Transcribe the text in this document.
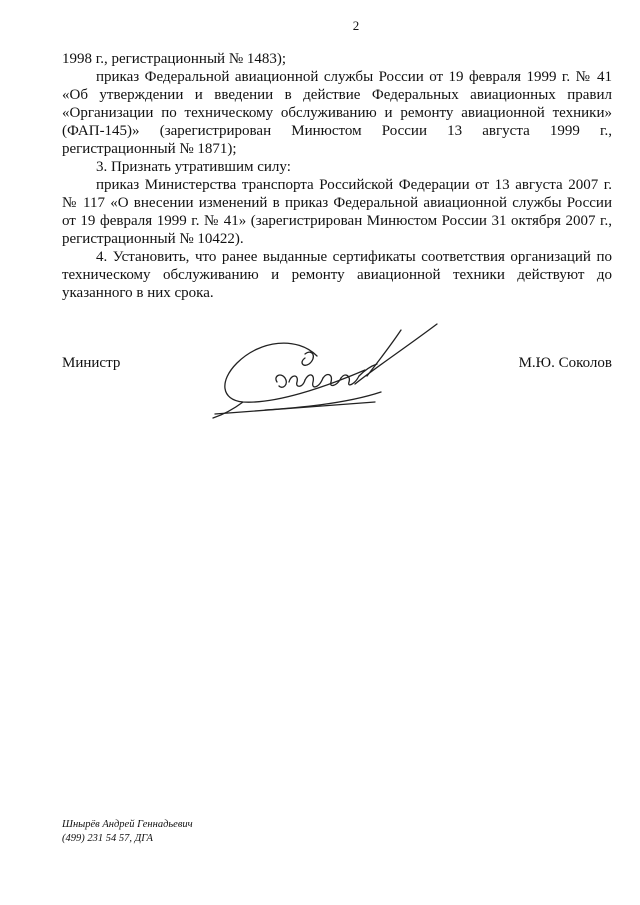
2

1998 г., регистрационный № 1483);

приказ Федеральной авиационной службы России от 19 февраля 1999 г. № 41 «Об утверждении и введении в действие Федеральных авиационных правил «Организации по техническому обслуживанию и ремонту авиационной техники» (ФАП-145)» (зарегистрирован Минюстом России 13 августа 1999 г., регистрационный № 1871);

3. Признать утратившим силу:

приказ Министерства транспорта Российской Федерации от 13 августа 2007 г. № 117 «О внесении изменений в приказ Федеральной авиационной службы России от 19 февраля 1999 г. № 41» (зарегистрирован Минюстом России 31 октября 2007 г., регистрационный № 10422).

4. Установить, что ранее выданные сертификаты соответствия организаций по техническому обслуживанию и ремонту авиационной техники действуют до указанного в них срока.

Министр	М.Ю. Соколов
Шнырёв Андрей Геннадьевич
(499) 231 54 57, ДГА
